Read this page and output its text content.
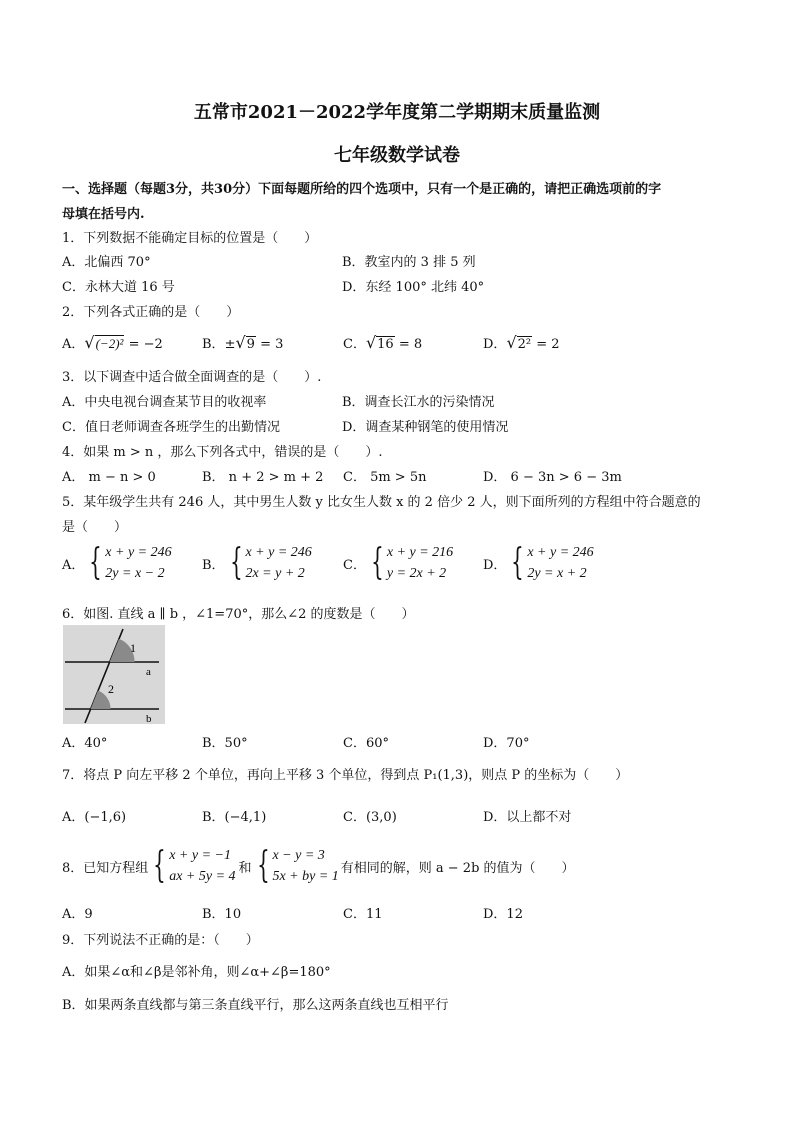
五常市2021－2022学年度第二学期期末质量监测
七年级数学试卷
一、选择题（每题3分，共30分）下面每题所给的四个选项中，只有一个是正确的，请把正确选项前的字
母填在括号内.
1．下列数据不能确定目标的位置是（　　）
A．北偏西 70°	B．教室内的 3 排 5 列
C．永林大道 16 号	D．东经 100° 北纬 40°
2．下列各式正确的是（　　）
A．√(−2)² = −2	B．±√9 = 3	C．√16 = 8	D．√2² = 2
3．以下调查中适合做全面调查的是（　　）.
A．中央电视台调查某节目的收视率	B．调查长江水的污染情况
C．值日老师调查各班学生的出勤情况	D．调查某种钢笔的使用情况
4．如果 m > n ，那么下列各式中，错误的是（　　）.
A． m − n > 0	B． n + 2 > m + 2 C． 5m > 5n	D． 6 − 3n > 6 − 3m
5．某年级学生共有 246 人，其中男生人数 y 比女生人数 x 的 2 倍少 2 人，则下面所列的方程组中符合题意的
是（　　）
A． { x + y = 246
2y = x − 2
B． { x + y = 246
2x = y + 2
C． { x + y = 216
y = 2x + 2
D． { x + y = 246
2y = x + 2
6．如图. 直线 a ∥ b ，∠1=70°，那么∠2 的度数是（　　）
1
2
a
b
A．40°	B．50°	C．60°	D．70°
7．将点 P 向左平移 2 个单位，再向上平移 3 个单位，得到点 P₁(1,3)，则点 P 的坐标为（　　）
A．(−1,6)	B．(−4,1)	C．(3,0)	D．以上都不对
8．已知方程组 { x + y = −1
ax + 5y = 4
和 { x − y = 3
5x + by = 1
有相同的解，则 a − 2b 的值为（　　）
A．9	B．10	C．11	D．12
9．下列说法不正确的是：（　　）
A．如果∠α和∠β是邻补角，则∠α+∠β=180°
B．如果两条直线都与第三条直线平行，那么这两条直线也互相平行
